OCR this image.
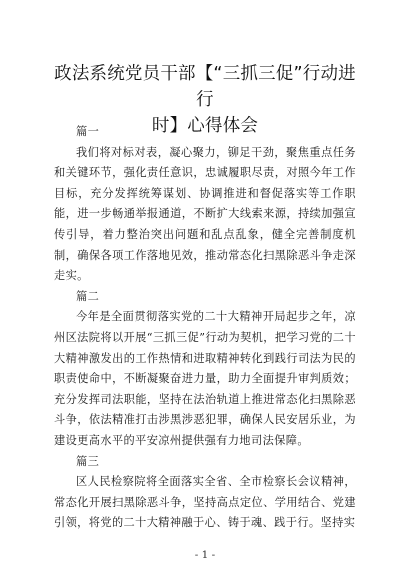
政法系统党员干部【“三抓三促”行动进行
时】心得体会
篇一

我们将对标对表，凝心聚力，铆足干劲，聚焦重点任务和关键环节，强化责任意识，忠诚履职尽责，对照今年工作目标，充分发挥统筹谋划、协调推进和督促落实等工作职能，进一步畅通举报通道，不断扩大线索来源，持续加强宣传引导，着力整治突出问题和乱点乱象，健全完善制度机制，确保各项工作落地见效，推动常态化扫黑除恶斗争走深走实。

篇二

今年是全面贯彻落实党的二十大精神开局起步之年，凉州区法院将以开展“三抓三促”行动为契机，把学习党的二十大精神激发出的工作热情和进取精神转化到践行司法为民的职责使命中，不断凝聚奋进力量，助力全面提升审判质效；充分发挥司法职能，坚持在法治轨道上推进常态化扫黑除恶斗争，依法精准打击涉黑涉恶犯罪，确保人民安居乐业，为建设更高水平的平安凉州提供强有力地司法保障。

篇三

区人民检察院将全面落实全省、全市检察长会议精神，常态化开展扫黑除恶斗争，坚持高点定位、学用结合、党建引领，将党的二十大精神融于心、铸于魂、践于行。坚持实

- 1 -
